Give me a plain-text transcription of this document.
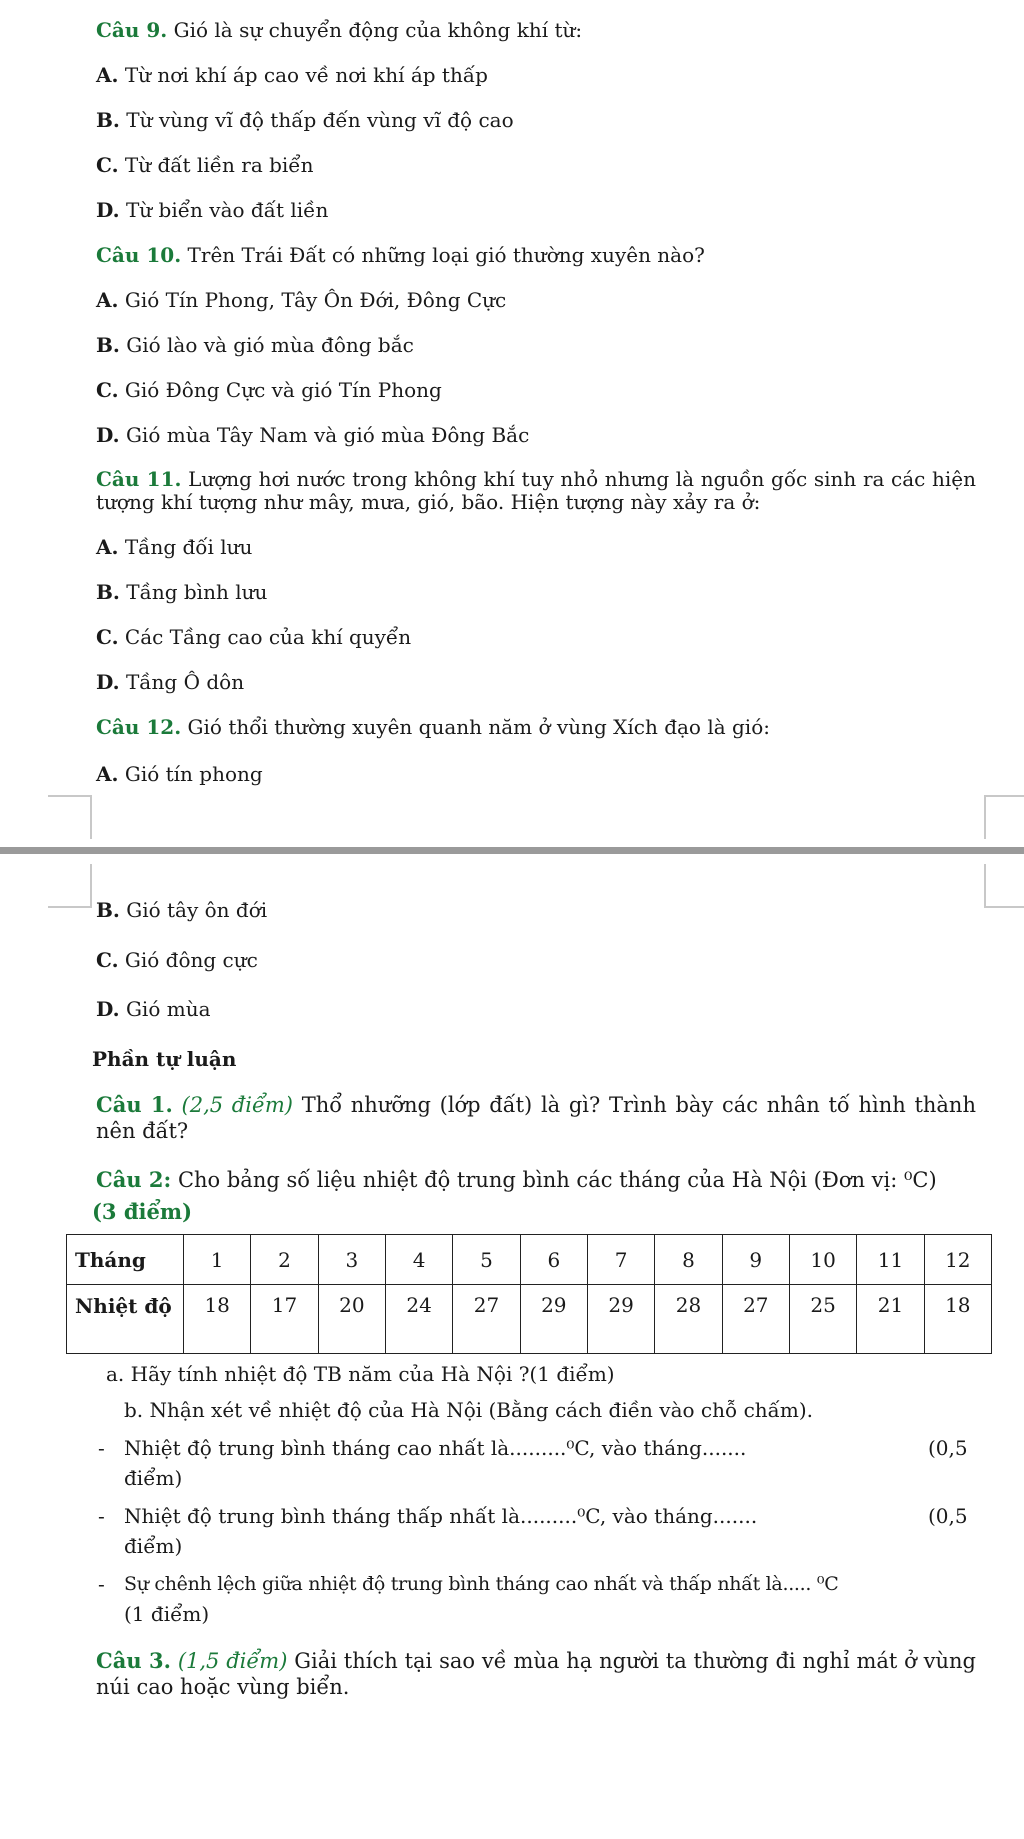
Câu 9. Gió là sự chuyển động của không khí từ:
A. Từ nơi khí áp cao về nơi khí áp thấp
B. Từ vùng vĩ độ thấp đến vùng vĩ độ cao
C. Từ đất liền ra biển
D. Từ biển vào đất liền
Câu 10. Trên Trái Đất có những loại gió thường xuyên nào?
A. Gió Tín Phong, Tây Ôn Đới, Đông Cực
B. Gió lào và gió mùa đông bắc
C. Gió Đông Cực và gió Tín Phong
D. Gió mùa Tây Nam và gió mùa Đông Bắc
Câu 11. Lượng hơi nước trong không khí tuy nhỏ nhưng là nguồn gốc sinh ra các hiện tượng khí tượng như mây, mưa, gió, bão. Hiện tượng này xảy ra ở:
A. Tầng đối lưu
B. Tầng bình lưu
C. Các Tầng cao của khí quyển
D. Tầng Ô dôn
Câu 12. Gió thổi thường xuyên quanh năm ở vùng Xích đạo là gió:
A. Gió tín phong
B. Gió tây ôn đới
C. Gió đông cực
D. Gió mùa
Phần tự luận
Câu 1. (2,5 điểm) Thổ nhưỡng (lớp đất) là gì? Trình bày các nhân tố hình thành nên đất?
Câu 2: Cho bảng số liệu nhiệt độ trung bình các tháng của Hà Nội (Đơn vị: ⁰C)
(3 điểm)
Tháng	1	2	3	4	5	6	7	8	9	10	11	12
Nhiệt độ	18	17	20	24	27	29	29	28	27	25	21	18
a. Hãy tính nhiệt độ TB năm của Hà Nội ?(1 điểm)
b. Nhận xét về nhiệt độ của Hà Nội (Bằng cách điền vào chỗ chấm).
- Nhiệt độ trung bình tháng cao nhất là.........⁰C, vào tháng.......	(0,5
điểm)
- Nhiệt độ trung bình tháng thấp nhất là.........⁰C, vào tháng.......	(0,5
điểm)
- Sự chênh lệch giữa nhiệt độ trung bình tháng cao nhất và thấp nhất là..... ⁰C
(1 điểm)
Câu 3. (1,5 điểm) Giải thích tại sao về mùa hạ người ta thường đi nghỉ mát ở vùng núi cao hoặc vùng biển.
